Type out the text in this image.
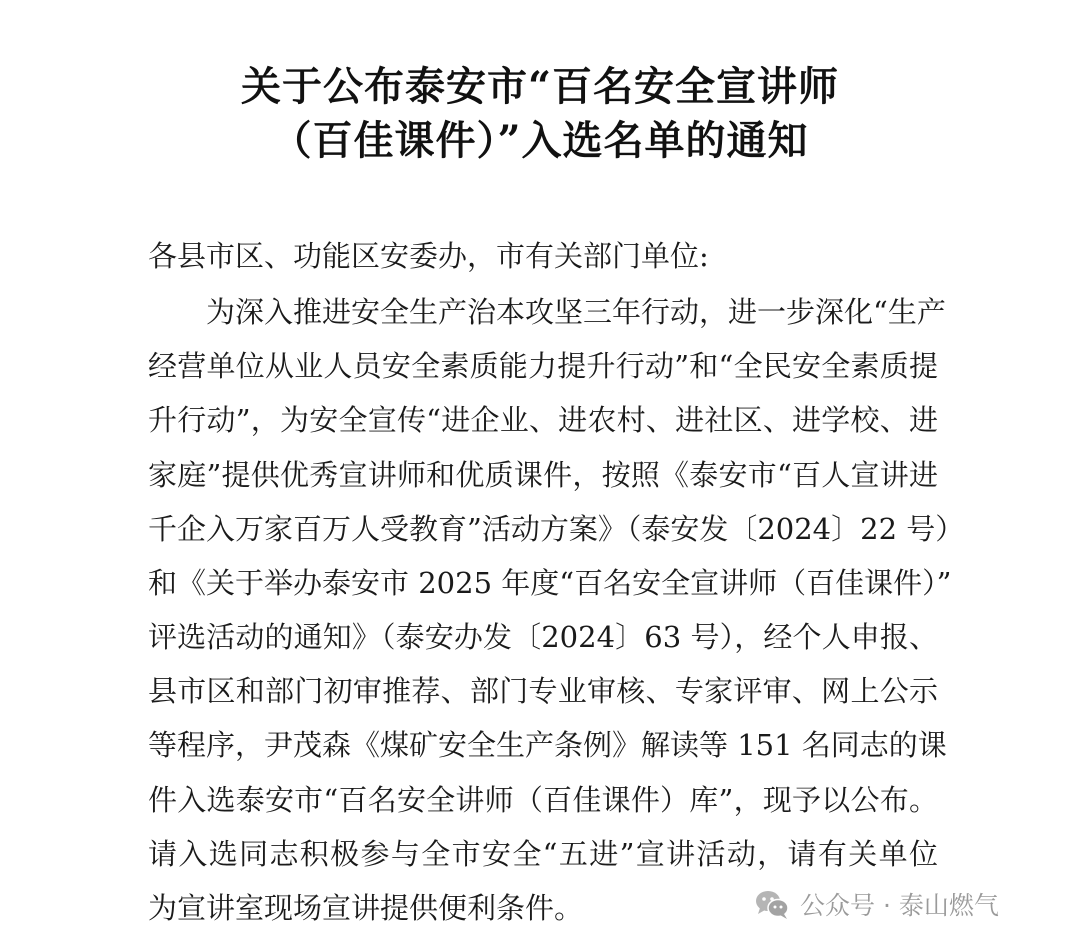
关于公布泰安市“百名安全宣讲师
（百佳课件）”入选名单的通知
各县市区、功能区安委办，市有关部门单位:
为深入推进安全生产治本攻坚三年行动，进一步深化“生产
经营单位从业人员安全素质能力提升行动”和“全民安全素质提
升行动”，为安全宣传“进企业、进农村、进社区、进学校、进
家庭”提供优秀宣讲师和优质课件，按照《泰安市“百人宣讲进
千企入万家百万人受教育”活动方案》（泰安发〔2024〕22 号）
和《关于举办泰安市 2025 年度“百名安全宣讲师（百佳课件）”
评选活动的通知》（泰安办发〔2024〕63 号），经个人申报、
县市区和部门初审推荐、部门专业审核、专家评审、网上公示
等程序，尹茂森《煤矿安全生产条例》解读等 151 名同志的课
件入选泰安市“百名安全讲师（百佳课件）库”，现予以公布。
请入选同志积极参与全市安全“五进”宣讲活动，请有关单位
为宣讲室现场宣讲提供便利条件。	公众号 · 泰山燃气
